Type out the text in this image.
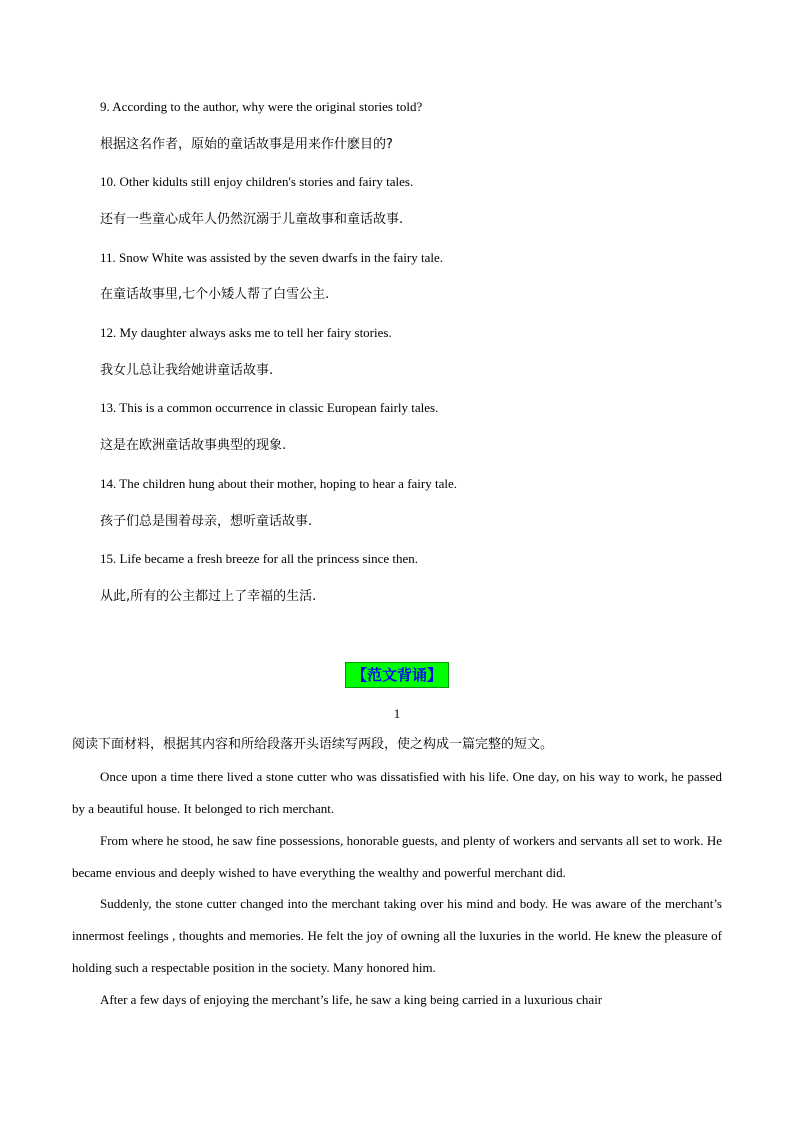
9. According to the author, why were the original stories told?
根据这名作者，原始的童话故事是用来作什麽目的?
10. Other kidults still enjoy children's stories and fairy tales.
还有一些童心成年人仍然沉溺于儿童故事和童话故事.
11. Snow White was assisted by the seven dwarfs in the fairy tale.
在童话故事里,七个小矮人帮了白雪公主.
12. My daughter always asks me to tell her fairy stories.
我女儿总让我给她讲童话故事.
13. This is a common occurrence in classic European fairly tales.
这是在欧洲童话故事典型的现象.
14. The children hung about their mother, hoping to hear a fairy tale.
孩子们总是围着母亲，想听童话故事.
15. Life became a fresh breeze for all the princess since then.
从此,所有的公主都过上了幸福的生活.
【范文背诵】
1
阅读下面材料，根据其内容和所给段落开头语续写两段，使之构成一篇完整的短文。
Once upon a time there lived a stone cutter who was dissatisfied with his life. One day, on his way to work, he passed by a beautiful house. It belonged to rich merchant.
From where he stood, he saw fine possessions, honorable guests, and plenty of workers and servants all set to work. He became envious and deeply wished to have everything the wealthy and powerful merchant did.
Suddenly, the stone cutter changed into the merchant taking over his mind and body. He was aware of the merchant’s innermost feelings , thoughts and memories. He felt the joy of owning all the luxuries in the world. He knew the pleasure of holding such a respectable position in the society. Many honored him.
After a few days of enjoying the merchant’s life, he saw a king being carried in a luxurious chair
